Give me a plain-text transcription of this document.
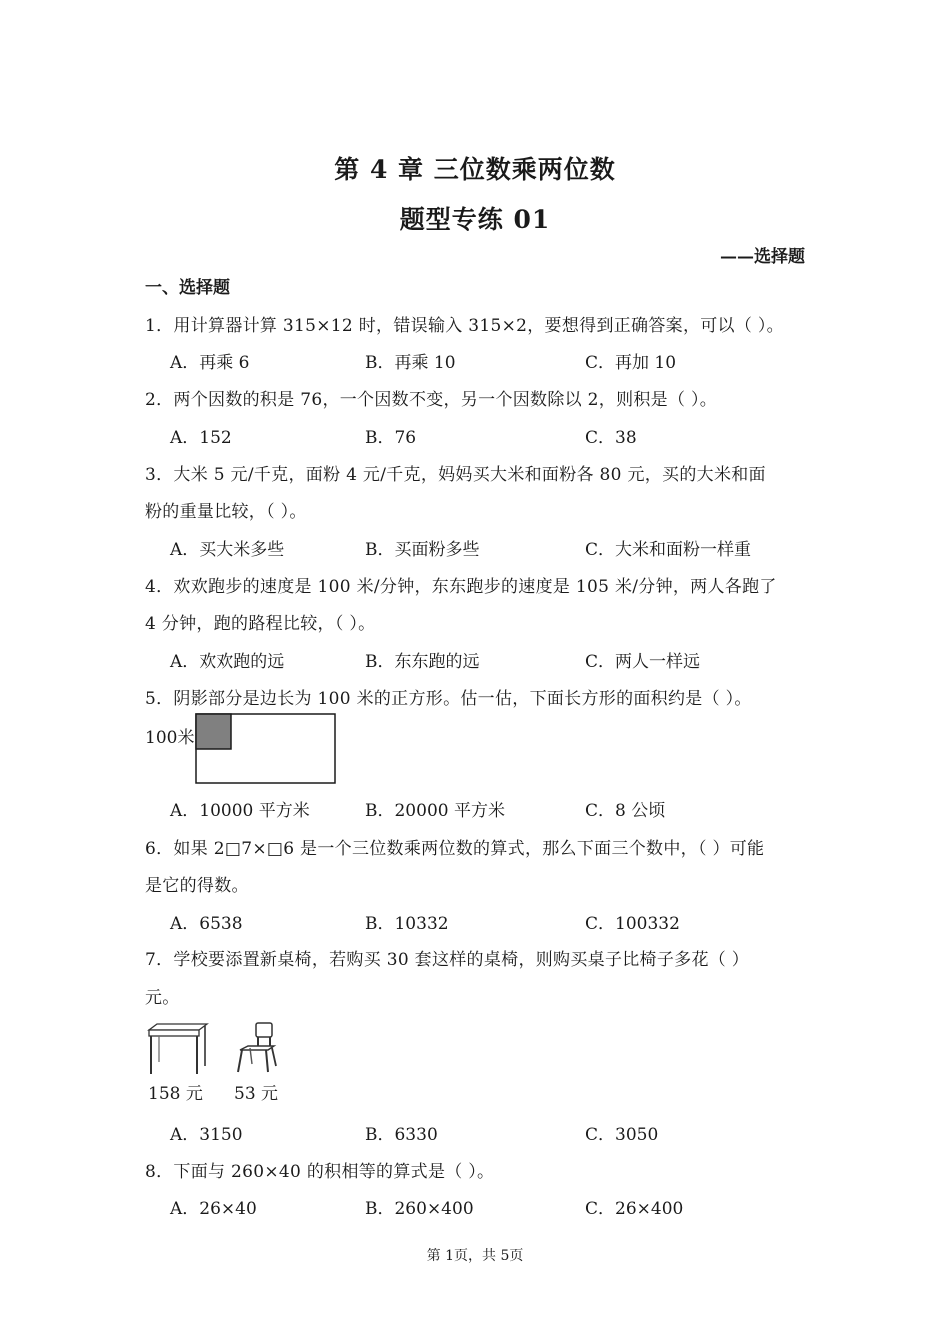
第 4 章 三位数乘两位数
题型专练 01
——选择题
一、选择题
1．用计算器计算 315×12 时，错误输入 315×2，要想得到正确答案，可以（ ）。
A．再乘 6	B．再乘 10	C．再加 10
2．两个因数的积是 76，一个因数不变，另一个因数除以 2，则积是（ ）。
A．152	B．76	C．38
3．大米 5 元/千克，面粉 4 元/千克，妈妈买大米和面粉各 80 元，买的大米和面
粉的重量比较，（ ）。
A．买大米多些	B．买面粉多些	C．大米和面粉一样重
4．欢欢跑步的速度是 100 米/分钟，东东跑步的速度是 105 米/分钟，两人各跑了
4 分钟，跑的路程比较，（ ）。
A．欢欢跑的远	B．东东跑的远	C．两人一样远
5．阴影部分是边长为 100 米的正方形。估一估，下面长方形的面积约是（ ）。
100米
A．10000 平方米	B．20000 平方米	C．8 公顷
6．如果 2□7×□6 是一个三位数乘两位数的算式，那么下面三个数中，（ ）可能
是它的得数。
A．6538	B．10332	C．100332
7．学校要添置新桌椅，若购买 30 套这样的桌椅，则购买桌子比椅子多花（ ）
元。
158 元 53 元
A．3150	B．6330	C．3050
8．下面与 260×40 的积相等的算式是（ ）。
A．26×40	B．260×400	C．26×400
第 1页，共 5页
